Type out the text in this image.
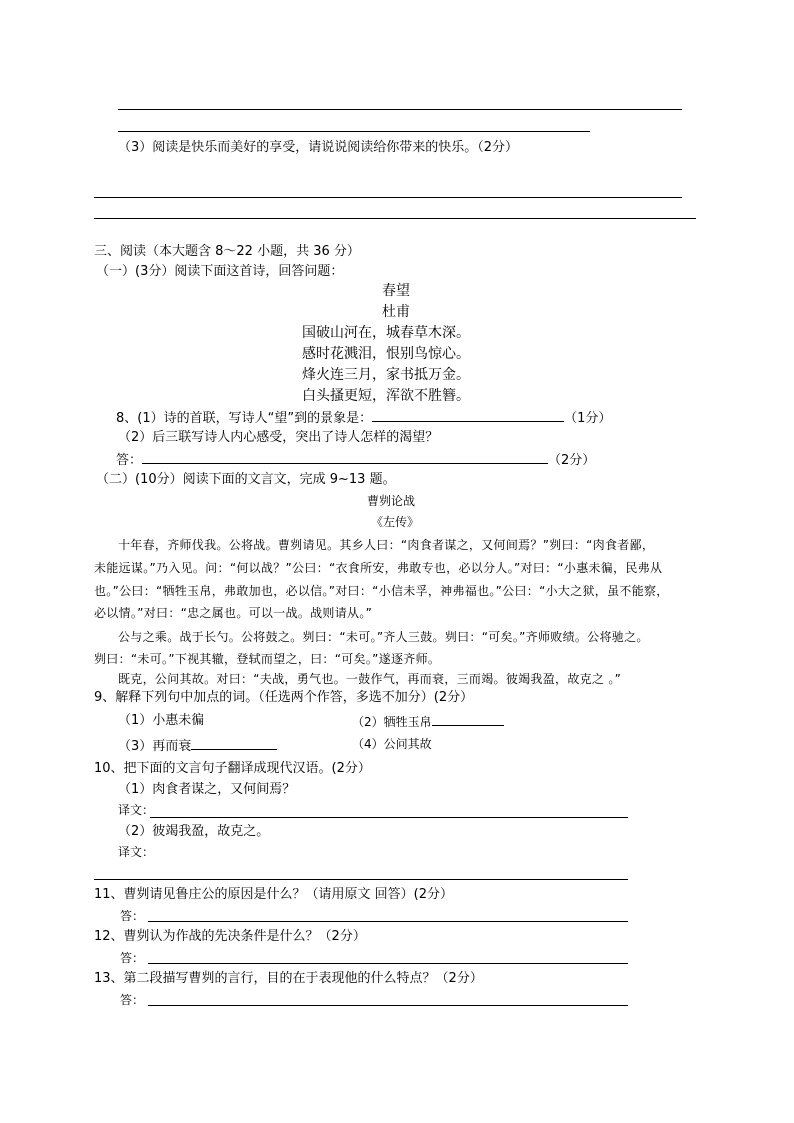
（3）阅读是快乐而美好的享受，请说说阅读给你带来的快乐。（2分）
三、阅读（本大题含 8～22 小题，共 36 分）
（一）(3分）阅读下面这首诗，回答问题：
春望
杜甫
国破山河在，城春草木深。
感时花溅泪，恨别鸟惊心。
烽火连三月，家书抵万金。
白头搔更短，浑欲不胜簪。
8、(1）诗的首联，写诗人“望”到的景象是：	（1分）
（2）后三联写诗人内心感受，突出了诗人怎样的渴望？
答：	（2分）
（二）(10分）阅读下面的文言文，完成 9~13 题。
曹刿论战
《左传》
十年春，齐师伐我。公将战。曹刿请见。其乡人曰：“肉食者谋之，又何间焉？”刿曰：“肉食者鄙，
未能远谋。”乃入见。问：“何以战？”公曰：“衣食所安，弗敢专也，必以分人。”对曰：“小惠未徧，民弗从
也。”公曰：“牺牲玉帛，弗敢加也，必以信。”对曰：“小信未孚，神弗福也。”公曰：“小大之狱，虽不能察，
必以情。”对曰：“忠之属也。可以一战。战则请从。”
公与之乘。战于长勺。公将鼓之。刿曰：“未可。”齐人三鼓。刿曰：“可矣。”齐师败绩。公将驰之。
刿曰：“未可。”下视其辙，登轼而望之，曰：“可矣。”遂逐齐师。
既克，公问其故。对曰：“夫战，勇气也。一鼓作气，再而衰，三而竭。彼竭我盈，故克之 。”
9、解释下列句中加点的词。（任选两个作答，多选不加分）(2分）
（1）小惠未徧	（2）牺牲玉帛
（3）再而衰	（4）公问其故
10、把下面的文言句子翻译成现代汉语。(2分）
（1）肉食者谋之，又何间焉？
译文：
（2）彼竭我盈，故克之。
译文：
11、曹刿请见鲁庄公的原因是什么？（请用原文 回答）(2分）
答：
12、曹刿认为作战的先决条件是什么？（2分）
答：
13、第二段描写曹刿的言行，目的在于表现他的什么特点？（2分）
答：
